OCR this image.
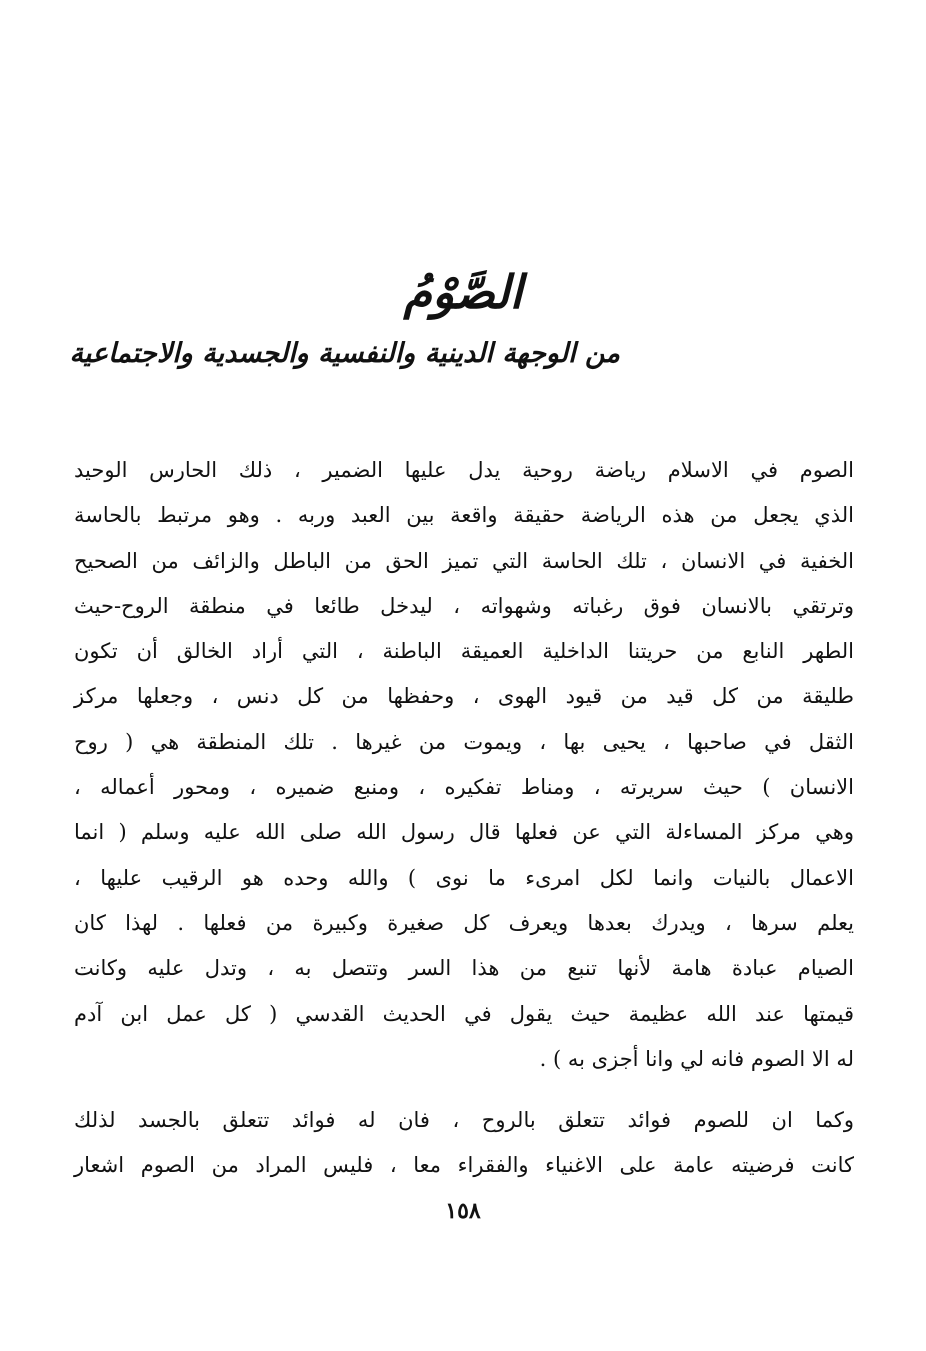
الصَّوْمُ
من الوجهة الدينية والنفسية والجسدية والاجتماعية
الصوم في الاسلام رياضة روحية يدل عليها الضمير ، ذلك الحارس الوحيد
الذي يجعل من هذه الرياضة حقيقة واقعة بين العبد وربه . وهو مرتبط بالحاسة
الخفية في الانسان ، تلك الحاسة التي تميز الحق من الباطل والزائف من الصحيح
وترتقي بالانسان فوق رغباته وشهواته ، ليدخل طائعا في منطقة الروح-حيث
الطهر النابع من حريتنا الداخلية العميقة الباطنة ، التي أراد الخالق أن تكون
طليقة من كل قيد من قيود الهوى ، وحفظها من كل دنس ، وجعلها مركز
الثقل في صاحبها ، يحيى بها ، ويموت من غيرها . تلك المنطقة هي ( روح
الانسان ) حيث سريرته ، ومناط تفكيره ، ومنبع ضميره ، ومحور أعماله ،
وهي مركز المساءلة التي عن فعلها قال رسول الله صلى الله عليه وسلم ( انما
الاعمال بالنيات وانما لكل امرىء ما نوى ) والله وحده هو الرقيب عليها ،
يعلم سرها ، ويدرك بعدها ويعرف كل صغيرة وكبيرة من فعلها . لهذا كان
الصيام عبادة هامة لأنها تنبع من هذا السر وتتصل به ، وتدل عليه وكانت
قيمتها عند الله عظيمة حيث يقول في الحديث القدسي ( كل عمل ابن آدم
له الا الصوم فانه لي وانا أجزى به ) .
وكما ان للصوم فوائد تتعلق بالروح ، فان له فوائد تتعلق بالجسد لذلك
كانت فرضيته عامة على الاغنياء والفقراء معا ، فليس المراد من الصوم اشعار
١٥٨
